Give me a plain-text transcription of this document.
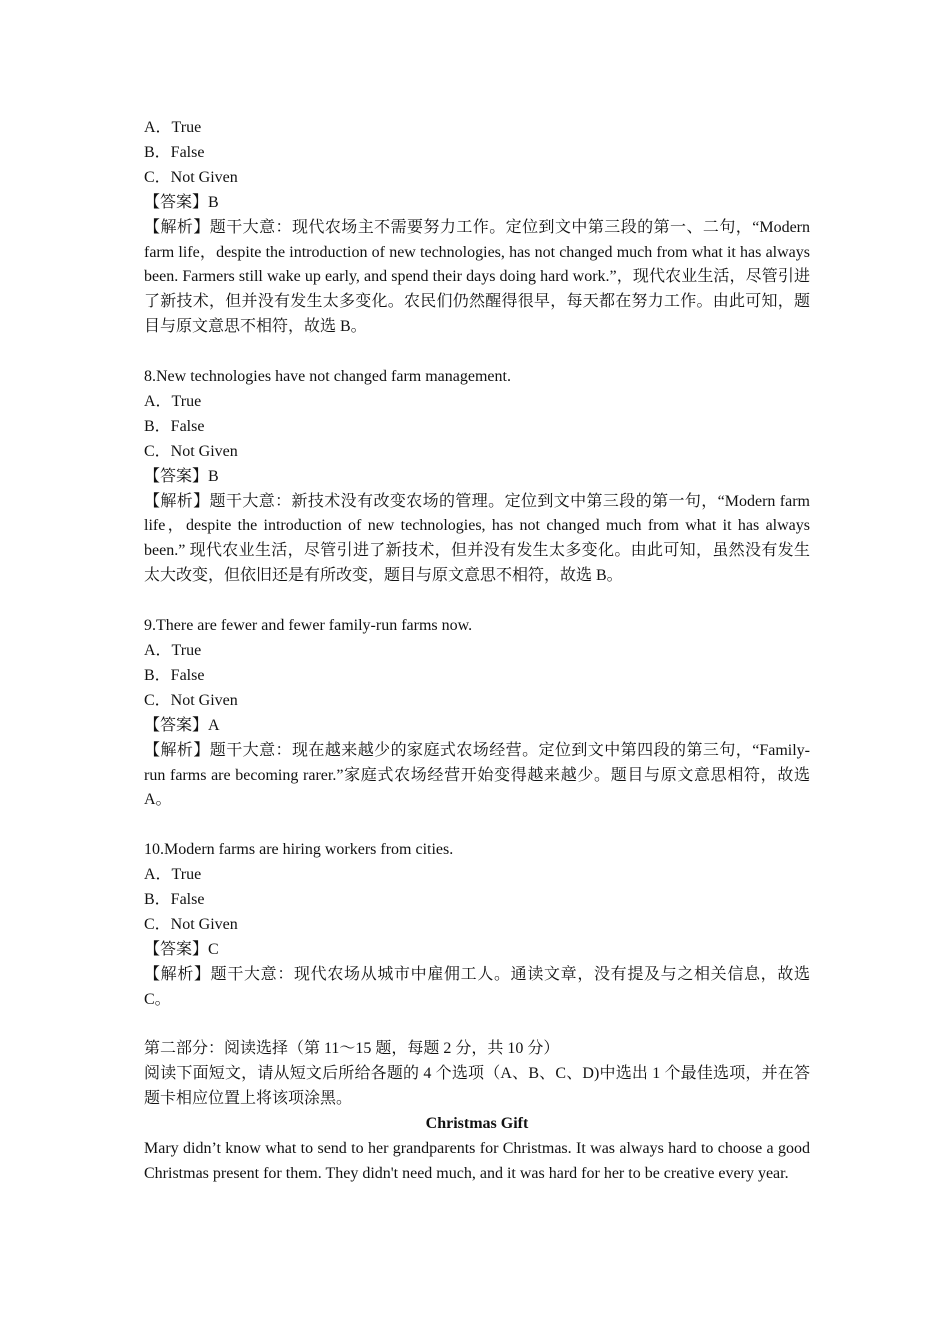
A．True
B．False
C．Not Given
【答案】B
【解析】题干大意：现代农场主不需要努力工作。定位到文中第三段的第一、二句，“Modern farm life，despite the introduction of new technologies, has not changed much from what it has always been. Farmers still wake up early, and spend their days doing hard work.”，现代农业生活，尽管引进了新技术，但并没有发生太多变化。农民们仍然醒得很早，每天都在努力工作。由此可知，题目与原文意思不相符，故选 B。
8.New technologies have not changed farm management.
A．True
B．False
C．Not Given
【答案】B
【解析】题干大意：新技术没有改变农场的管理。定位到文中第三段的第一句，“Modern farm life，despite the introduction of new technologies, has not changed much from what it has always been.” 现代农业生活，尽管引进了新技术，但并没有发生太多变化。由此可知，虽然没有发生太大改变，但依旧还是有所改变，题目与原文意思不相符，故选 B。
9.There are fewer and fewer family-run farms now.
A．True
B．False
C．Not Given
【答案】A
【解析】题干大意：现在越来越少的家庭式农场经营。定位到文中第四段的第三句，“Family-run farms are becoming rarer.”家庭式农场经营开始变得越来越少。题目与原文意思相符，故选 A。
10.Modern farms are hiring workers from cities.
A．True
B．False
C．Not Given
【答案】C
【解析】题干大意：现代农场从城市中雇佣工人。通读文章，没有提及与之相关信息，故选 C。
第二部分：阅读选择（第 11～15 题，每题 2 分，共 10 分）
阅读下面短文，请从短文后所给各题的 4 个选项（A、B、C、D)中选出 1 个最佳选项，并在答题卡相应位置上将该项涂黑。
Christmas Gift
Mary didn’t know what to send to her grandparents for Christmas. It was always hard to choose a good Christmas present for them. They didn't need much, and it was hard for her to be creative every year.
